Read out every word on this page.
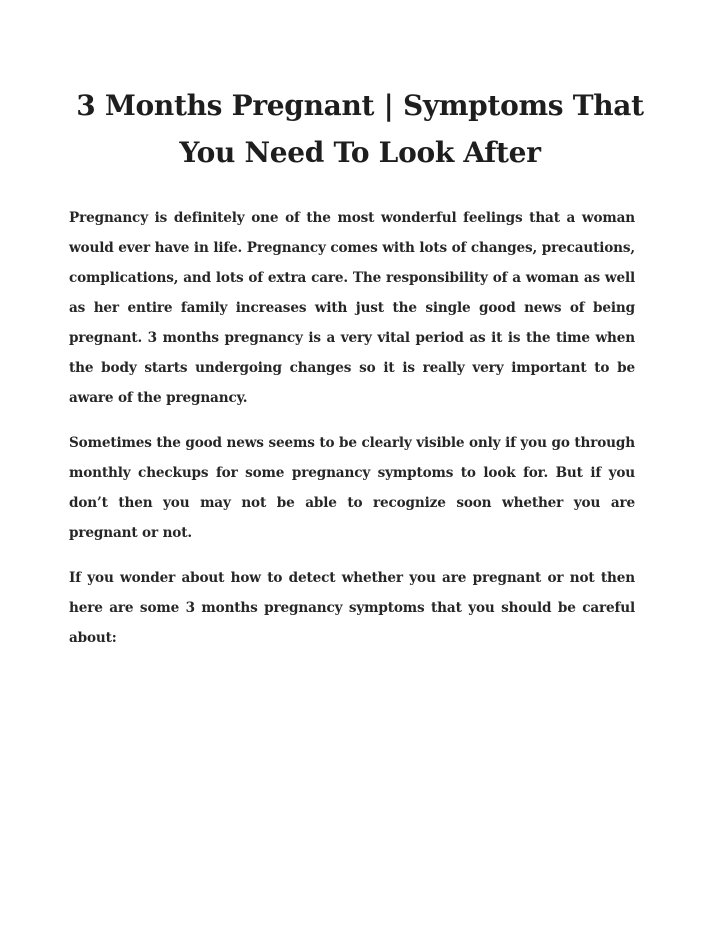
3 Months Pregnant | Symptoms That You Need To Look After

Pregnancy is definitely one of the most wonderful feelings that a woman would ever have in life. Pregnancy comes with lots of changes, precautions, complications, and lots of extra care. The responsibility of a woman as well as her entire family increases with just the single good news of being pregnant. 3 months pregnancy is a very vital period as it is the time when the body starts undergoing changes so it is really very important to be aware of the pregnancy.

Sometimes the good news seems to be clearly visible only if you go through monthly checkups for some pregnancy symptoms to look for. But if you don’t then you may not be able to recognize soon whether you are pregnant or not.

If you wonder about how to detect whether you are pregnant or not then here are some 3 months pregnancy symptoms that you should be careful about:
